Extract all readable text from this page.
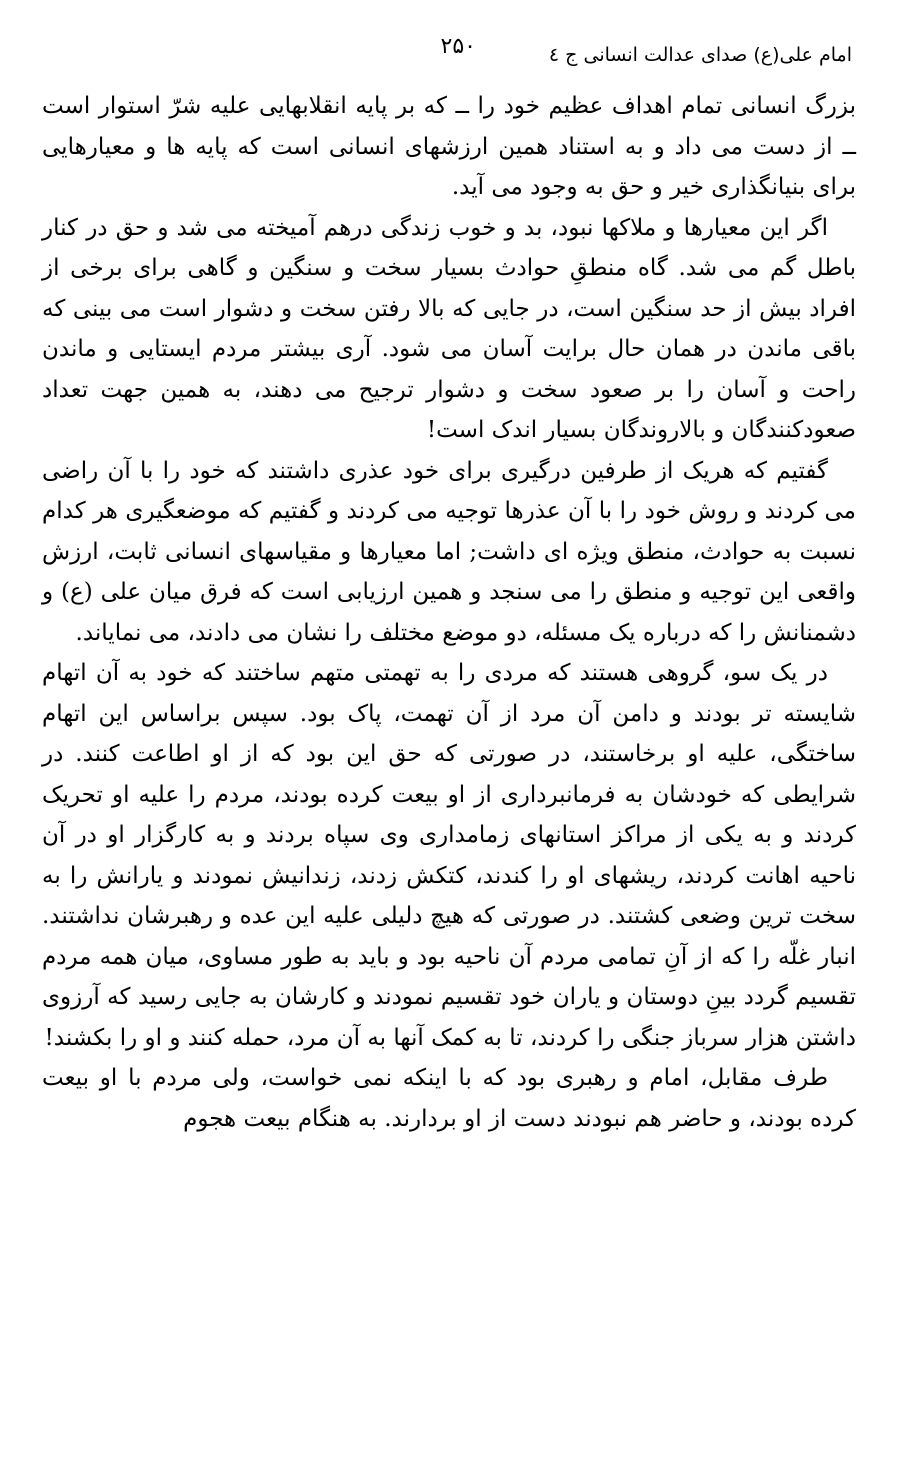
امام علی(ع) صدای عدالت انسانی ج ٤
۲۵۰

بزرگ انسانی تمام اهداف عظیم خود را ــ که بر پایه انقلابهایی علیه شرّ استوار است ــ از دست می داد و به استناد همین ارزشهای انسانی است که پایه ها و معیارهایی برای بنیانگذاری خیر و حق به وجود می آید.

اگر این معیارها و ملاکها نبود، بد و خوب زندگی درهم آمیخته می شد و حق در کنار باطل گم می شد. گاه منطقِ حوادث بسیار سخت و سنگین و گاهی برای برخی از افراد بیش از حد سنگین است، در جایی که بالا رفتن سخت و دشوار است می بینی که باقی ماندن در همان حال برایت آسان می شود. آری بیشتر مردم ایستایی و ماندن راحت و آسان را بر صعود سخت و دشوار ترجیح می دهند، به همین جهت تعداد صعودکنندگان و بالاروندگان بسیار اندک است!

گفتیم که هریک از طرفین درگیری برای خود عذری داشتند که خود را با آن راضی می کردند و روش خود را با آن عذرها توجیه می کردند و گفتیم که موضعگیری هر کدام نسبت به حوادث، منطق ویژه ای داشت; اما معیارها و مقیاسهای انسانی ثابت، ارزش واقعی این توجیه و منطق را می سنجد و همین ارزیابی است که فرق میان علی (ع) و دشمنانش را که درباره یک مسئله، دو موضع مختلف را نشان می دادند، می نمایاند.

در یک سو، گروهی هستند که مردی را به تهمتی متهم ساختند که خود به آن اتهام شایسته تر بودند و دامن آن مرد از آن تهمت، پاک بود. سپس براساس این اتهام ساختگی، علیه او برخاستند، در صورتی که حق این بود که از او اطاعت کنند. در شرایطی که خودشان به فرمانبرداری از او بیعت کرده بودند، مردم را علیه او تحریک کردند و به یکی از مراکز استانهای زمامداری وی سپاه بردند و به کارگزار او در آن ناحیه اهانت کردند، ریشهای او را کندند، کتکش زدند، زندانیش نمودند و یارانش را به سخت ترین وضعی کشتند. در صورتی که هیچ دلیلی علیه این عده و رهبرشان نداشتند. انبار غلّه را که از آنِ تمامی مردم آن ناحیه بود و باید به طور مساوی، میان همه مردم تقسیم گردد بینِ دوستان و یاران خود تقسیم نمودند و کارشان به جایی رسید که آرزوی داشتن هزار سرباز جنگی را کردند، تا به کمک آنها به آن مرد، حمله کنند و او را بکشند!

طرف مقابل، امام و رهبری بود که با اینکه نمی خواست، ولی مردم با او بیعت کرده بودند، و حاضر هم نبودند دست از او بردارند. به هنگام بیعت هجوم
